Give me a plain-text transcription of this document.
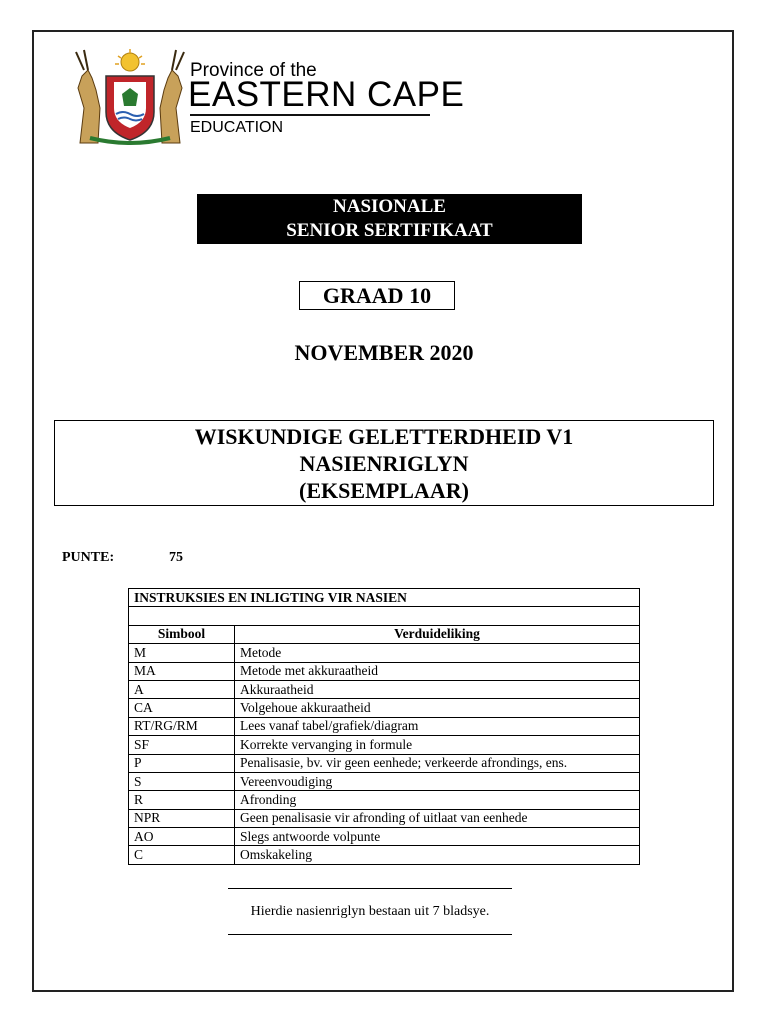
Province of the
EASTERN CAPE
EDUCATION
NASIONALE
SENIOR SERTIFIKAAT
GRAAD 10
NOVEMBER 2020
WISKUNDIGE GELETTERDHEID V1
NASIENRIGLYN
(EKSEMPLAAR)
PUNTE:	75
INSTRUKSIES EN INLIGTING VIR NASIEN	

Simbool	Verduideliking
M	Metode
MA	Metode met akkuraatheid
A	Akkuraatheid
CA	Volgehoue akkuraatheid
RT/RG/RM	Lees vanaf tabel/grafiek/diagram
SF	Korrekte vervanging in formule
P	Penalisasie, bv. vir geen eenhede; verkeerde afrondings, ens.
S	Vereenvoudiging
R	Afronding
NPR	Geen penalisasie vir afronding of uitlaat van eenhede
AO	Slegs antwoorde volpunte
C	Omskakeling
Hierdie nasienriglyn bestaan uit 7 bladsye.
